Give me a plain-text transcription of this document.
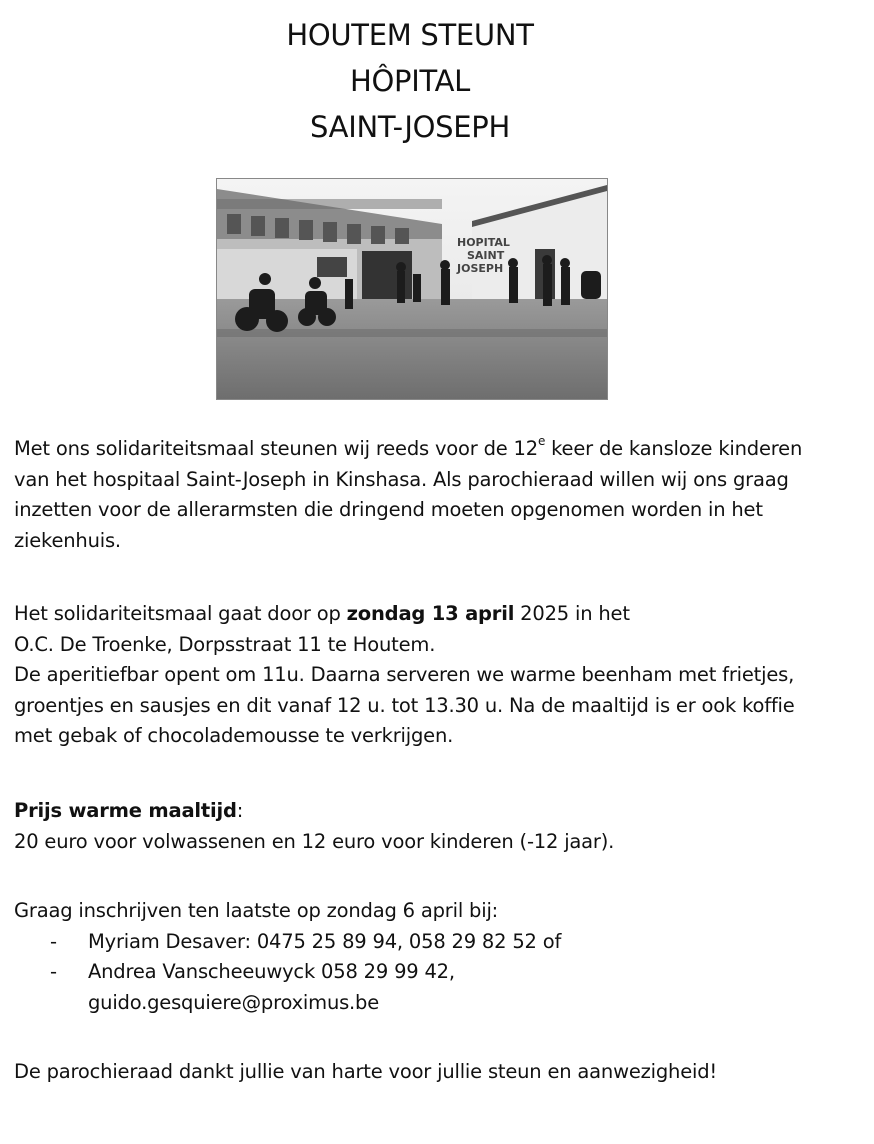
HOUTEM STEUNT
HÔPITAL
SAINT-JOSEPH
HOPITAL
SAINT
JOSEPH

Met ons solidariteitsmaal steunen wij reeds voor de 12e keer de kansloze kinderen van het hospitaal Saint-Joseph in Kinshasa. Als parochieraad willen wij ons graag inzetten voor de allerarmsten die dringend moeten opgenomen worden in het ziekenhuis.

Het solidariteitsmaal gaat door op zondag 13 april 2025 in het

O.C. De Troenke, Dorpsstraat 11 te Houtem.

De aperitiefbar opent om 11u. Daarna serveren we warme beenham met frietjes, groentjes en sausjes en dit vanaf 12 u. tot 13.30 u. Na de maaltijd is er ook koffie met gebak of chocolademousse te verkrijgen.

Prijs warme maaltijd:

20 euro voor volwassenen en 12 euro voor kinderen (-12 jaar).

Graag inschrijven ten laatste op zondag 6 april bij:

- Myriam Desaver: 0475 25 89 94, 058 29 82 52 of
- Andrea Vanscheeuwyck 058 29 99 42,
guido.gesquiere@proximus.be

De parochieraad dankt jullie van harte voor jullie steun en aanwezigheid!
